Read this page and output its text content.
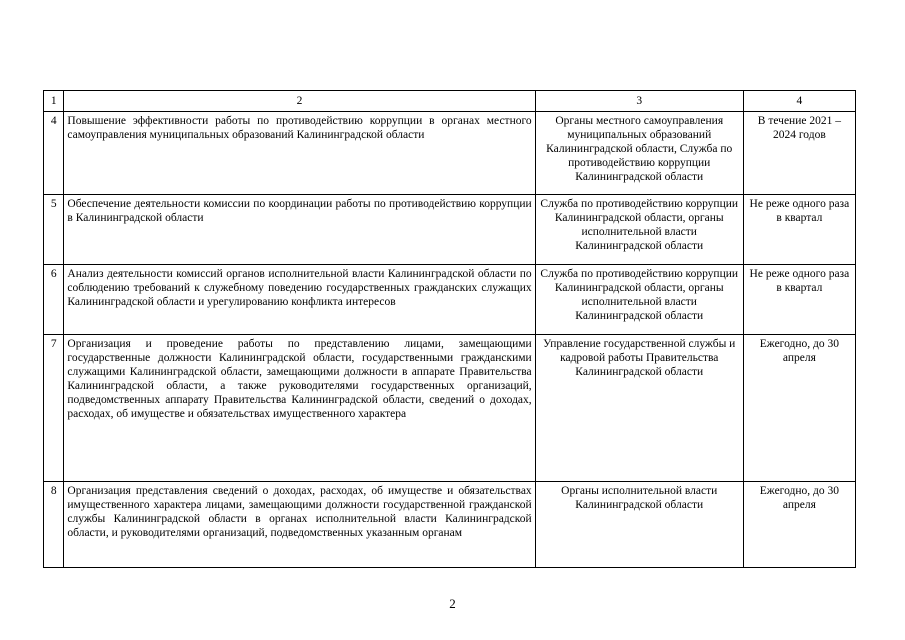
1	2	3	4
4	Повышение эффективности работы по противодействию коррупции в органах местного самоуправления муниципальных образований Калининградской области	Органы местного самоуправления муниципальных образований Калининградской области, Служба по противодействию коррупции Калининградской области	В течение 2021 – 2024 годов
5	Обеспечение деятельности комиссии по координации работы по противодействию коррупции в Калининградской области	Служба по противодействию коррупции Калининградской области, органы исполнительной власти Калининградской области	Не реже одного раза в квартал
6	Анализ деятельности комиссий органов исполнительной власти Калининградской области по соблюдению требований к служебному поведению государственных гражданских служащих Калининградской области и урегулированию конфликта интересов	Служба по противодействию коррупции Калининградской области, органы исполнительной власти Калининградской области	Не реже одного раза в квартал
7	Организация и проведение работы по представлению лицами, замещающими государственные должности Калининградской области, государственными гражданскими служащими Калининградской области, замещающими должности в аппарате Правительства Калининградской области, а также руководителями государственных организаций, подведомственных аппарату Правительства Калининградской области, сведений о доходах, расходах, об имуществе и обязательствах имущественного характера	Управление государственной службы и кадровой работы Правительства Калининградской области	Ежегодно, до 30 апреля
8	Организация представления сведений о доходах, расходах, об имуществе и обязательствах имущественного характера лицами, замещающими должности государственной гражданской службы Калининградской области в органах исполнительной власти Калининградской области, и руководителями организаций, подведомственных указанным органам	Органы исполнительной власти Калининградской области	Ежегодно, до 30 апреля
2
